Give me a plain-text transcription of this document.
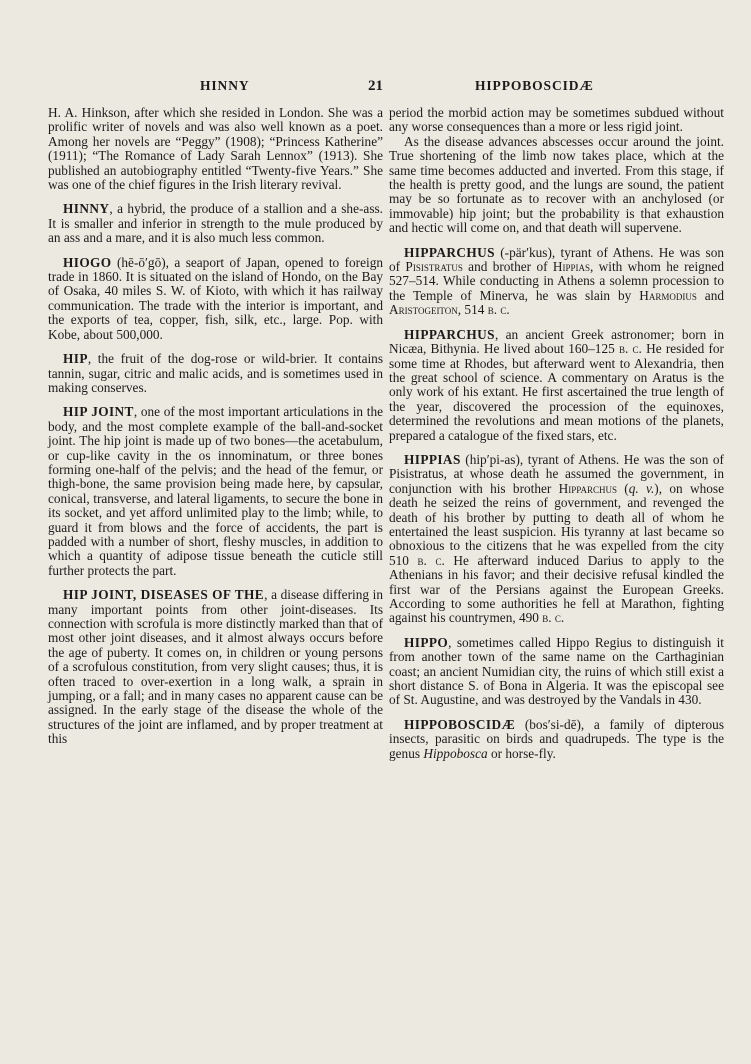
HINNY	21	HIPPOBOSCIDÆ

H. A. Hinkson, after which she resided in London. She was a prolific writer of novels and was also well known as a poet. Among her novels are “Peggy” (1908); “Princess Katherine” (1911); “The Romance of Lady Sarah Lennox” (1913). She published an autobiography entitled “Twenty-five Years.” She was one of the chief figures in the Irish literary revival.

HINNY, a hybrid, the produce of a stallion and a she-ass. It is smaller and inferior in strength to the mule produced by an ass and a mare, and it is also much less common.

HIOGO (hē-ō′gō), a seaport of Japan, opened to foreign trade in 1860. It is situated on the island of Hondo, on the Bay of Osaka, 40 miles S. W. of Kioto, with which it has railway communication. The trade with the interior is important, and the exports of tea, copper, fish, silk, etc., large. Pop. with Kobe, about 500,000.

HIP, the fruit of the dog-rose or wild-brier. It contains tannin, sugar, citric and malic acids, and is sometimes used in making conserves.

HIP JOINT, one of the most important articulations in the body, and the most complete example of the ball-and-socket joint. The hip joint is made up of two bones—the acetabulum, or cup-like cavity in the os innominatum, or three bones forming one-half of the pelvis; and the head of the femur, or thigh-bone, the same provision being made here, by capsular, conical, transverse, and lateral ligaments, to secure the bone in its socket, and yet afford unlimited play to the limb; while, to guard it from blows and the force of accidents, the part is padded with a number of short, fleshy muscles, in addition to which a quantity of adipose tissue beneath the cuticle still further protects the part.

HIP JOINT, DISEASES OF THE, a disease differing in many important points from other joint-diseases. Its connection with scrofula is more distinctly marked than that of most other joint diseases, and it almost always occurs before the age of puberty. It comes on, in children or young persons of a scrofulous constitution, from very slight causes; thus, it is often traced to over-exertion in a long walk, a sprain in jumping, or a fall; and in many cases no apparent cause can be assigned. In the early stage of the disease the whole of the structures of the joint are inflamed, and by proper treatment at this

period the morbid action may be sometimes subdued without any worse consequences than a more or less rigid joint.

As the disease advances abscesses occur around the joint. True shortening of the limb now takes place, which at the same time becomes adducted and inverted. From this stage, if the health is pretty good, and the lungs are sound, the patient may be so fortunate as to recover with an anchylosed (or immovable) hip joint; but the probability is that exhaustion and hectic will come on, and that death will supervene.

HIPPARCHUS (-pär′kus), tyrant of Athens. He was son of Pisistratus and brother of Hippias, with whom he reigned 527–514. While conducting in Athens a solemn procession to the Temple of Minerva, he was slain by Harmodius and Aristogeiton, 514 b. c.

HIPPARCHUS, an ancient Greek astronomer; born in Nicæa, Bithynia. He lived about 160–125 b. c. He resided for some time at Rhodes, but afterward went to Alexandria, then the great school of science. A commentary on Aratus is the only work of his extant. He first ascertained the true length of the year, discovered the procession of the equinoxes, determined the revolutions and mean motions of the planets, prepared a catalogue of the fixed stars, etc.

HIPPIAS (hip′pi-as), tyrant of Athens. He was the son of Pisistratus, at whose death he assumed the government, in conjunction with his brother Hipparchus (q. v.), on whose death he seized the reins of government, and revenged the death of his brother by putting to death all of whom he entertained the least suspicion. His tyranny at last became so obnoxious to the citizens that he was expelled from the city 510 b. c. He afterward induced Darius to apply to the Athenians in his favor; and their decisive refusal kindled the first war of the Persians against the European Greeks. According to some authorities he fell at Marathon, fighting against his countrymen, 490 b. c.

HIPPO, sometimes called Hippo Regius to distinguish it from another town of the same name on the Carthaginian coast; an ancient Numidian city, the ruins of which still exist a short distance S. of Bona in Algeria. It was the episcopal see of St. Augustine, and was destroyed by the Vandals in 430.

HIPPOBOSCIDÆ (bos′si-dē), a family of dipterous insects, parasitic on birds and quadrupeds. The type is the genus Hippobosca or horse-fly.
